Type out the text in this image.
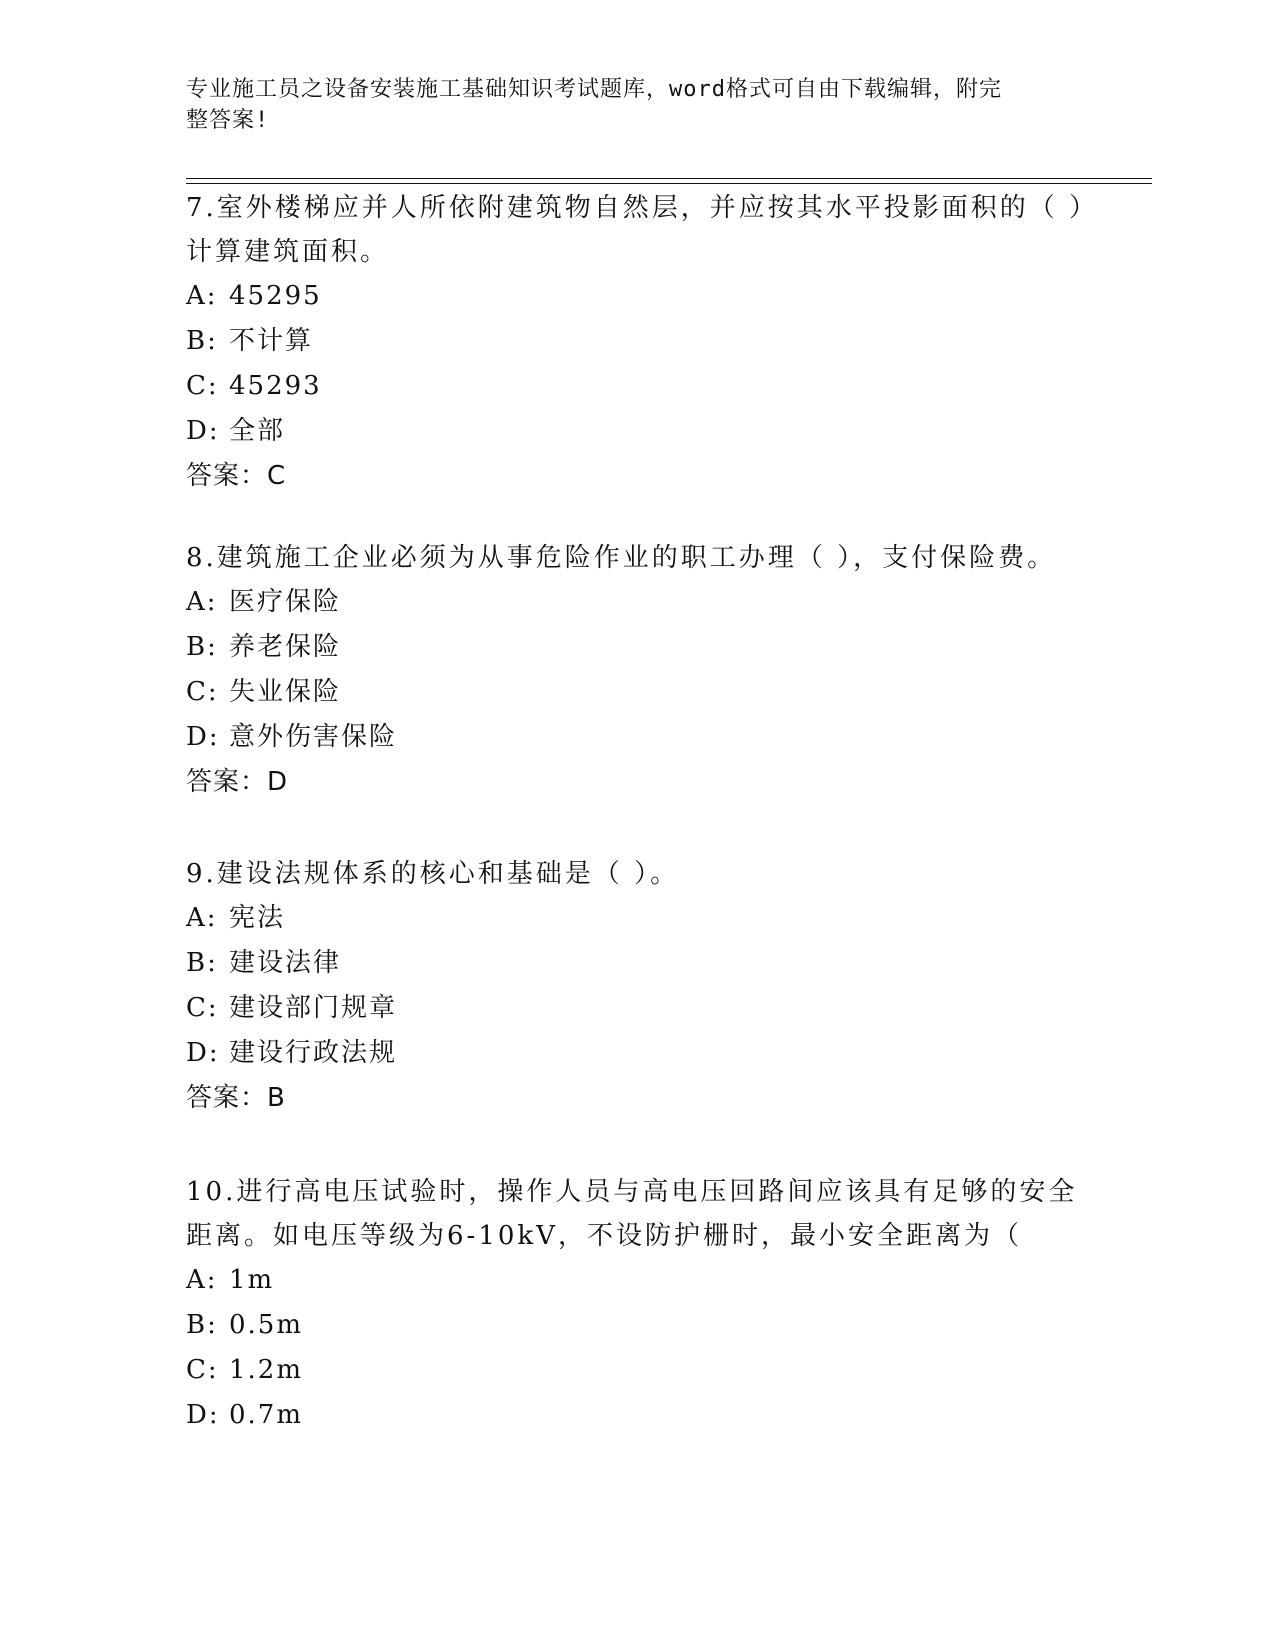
专业施工员之设备安装施工基础知识考试题库，word格式可自由下载编辑，附完
整答案!

7.室外楼梯应并人所依附建筑物自然层，并应按其水平投影面积的（ ）计算建筑面积。

A: 45295

B: 不计算

C: 45293

D: 全部

答案：C

8.建筑施工企业必须为从事危险作业的职工办理（ ），支付保险费。

A: 医疗保险

B: 养老保险

C: 失业保险

D: 意外伤害保险

答案：D

9.建设法规体系的核心和基础是（ ）。

A: 宪法

B: 建设法律

C: 建设部门规章

D: 建设行政法规

答案：B

10.进行高电压试验时，操作人员与高电压回路间应该具有足够的安全距离。如电压等级为6-10kV，不设防护栅时，最小安全距离为（

A: 1m

B: 0.5m

C: 1.2m

D: 0.7m
